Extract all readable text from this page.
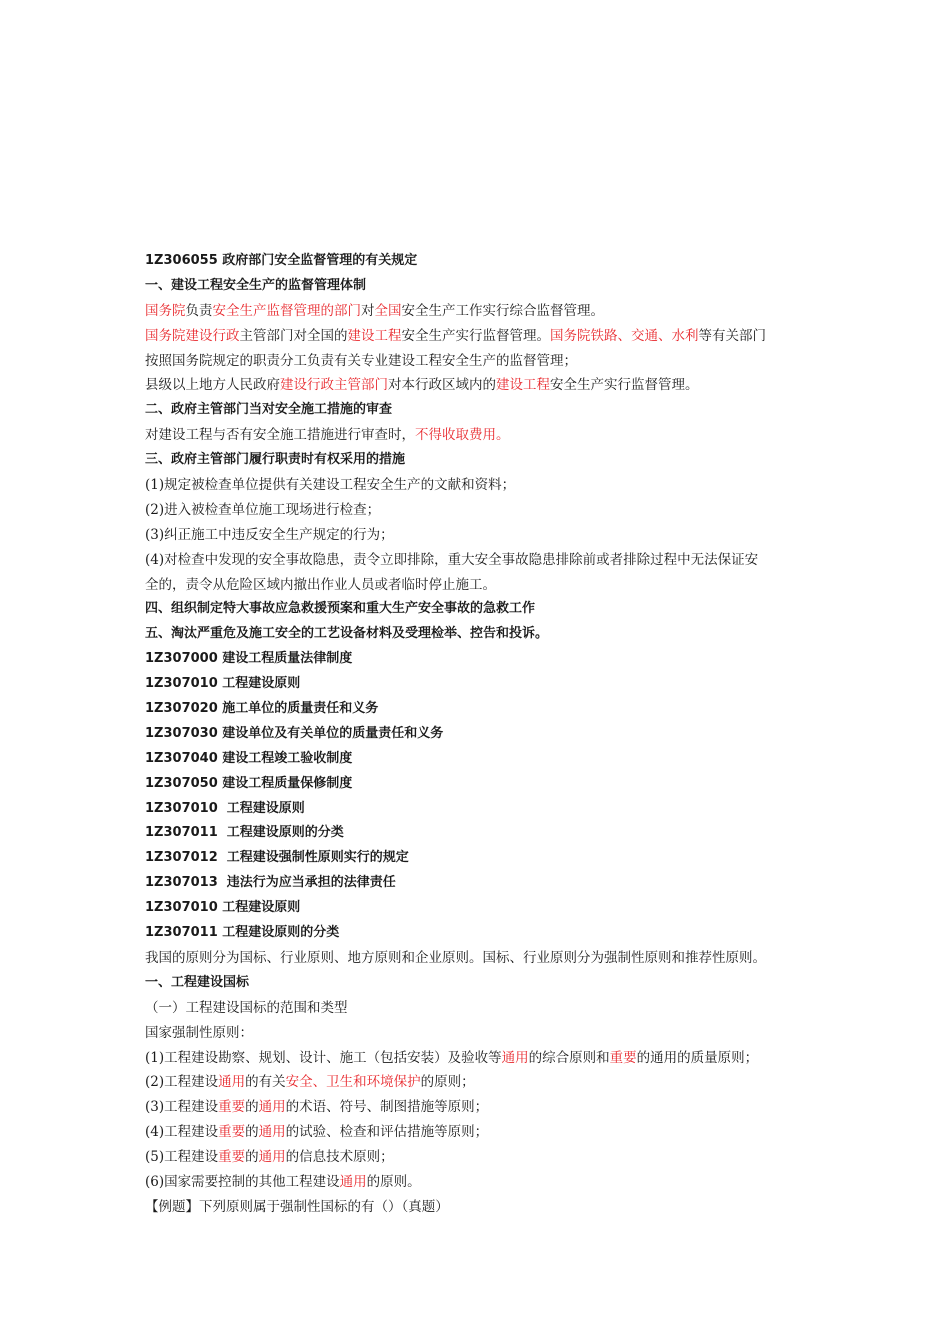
1Z306055 政府部门安全监督管理的有关规定
一、建设工程安全生产的监督管理体制
国务院负责安全生产监督管理的部门对全国安全生产工作实行综合监督管理。
国务院建设行政主管部门对全国的建设工程安全生产实行监督管理。国务院铁路、交通、水利等有关部门
按照国务院规定的职责分工负责有关专业建设工程安全生产的监督管理；
县级以上地方人民政府建设行政主管部门对本行政区域内的建设工程安全生产实行监督管理。
二、政府主管部门当对安全施工措施的审查
对建设工程与否有安全施工措施进行审查时，不得收取费用。
三、政府主管部门履行职责时有权采用的措施
(1)规定被检查单位提供有关建设工程安全生产的文献和资料；
(2)进入被检查单位施工现场进行检查；
(3)纠正施工中违反安全生产规定的行为；
(4)对检查中发现的安全事故隐患，责令立即排除，重大安全事故隐患排除前或者排除过程中无法保证安
全的，责令从危险区域内撤出作业人员或者临时停止施工。
四、组织制定特大事故应急救援预案和重大生产安全事故的急救工作
五、淘汰严重危及施工安全的工艺设备材料及受理检举、控告和投诉。
1Z307000 建设工程质量法律制度
1Z307010 工程建设原则
1Z307020 施工单位的质量责任和义务
1Z307030 建设单位及有关单位的质量责任和义务
1Z307040 建设工程竣工验收制度
1Z307050 建设工程质量保修制度
1Z307010  工程建设原则
1Z307011  工程建设原则的分类
1Z307012  工程建设强制性原则实行的规定
1Z307013  违法行为应当承担的法律责任
1Z307010 工程建设原则
1Z307011 工程建设原则的分类
我国的原则分为国标、行业原则、地方原则和企业原则。国标、行业原则分为强制性原则和推荐性原则。
一、工程建设国标
（一）工程建设国标的范围和类型
国家强制性原则：
(1)工程建设勘察、规划、设计、施工（包括安装）及验收等通用的综合原则和重要的通用的质量原则；
(2)工程建设通用的有关安全、卫生和环境保护的原则；
(3)工程建设重要的通用的术语、符号、制图措施等原则；
(4)工程建设重要的通用的试验、检查和评估措施等原则；
(5)工程建设重要的通用的信息技术原则；
(6)国家需要控制的其他工程建设通用的原则。
【例题】下列原则属于强制性国标的有（）（真题）
